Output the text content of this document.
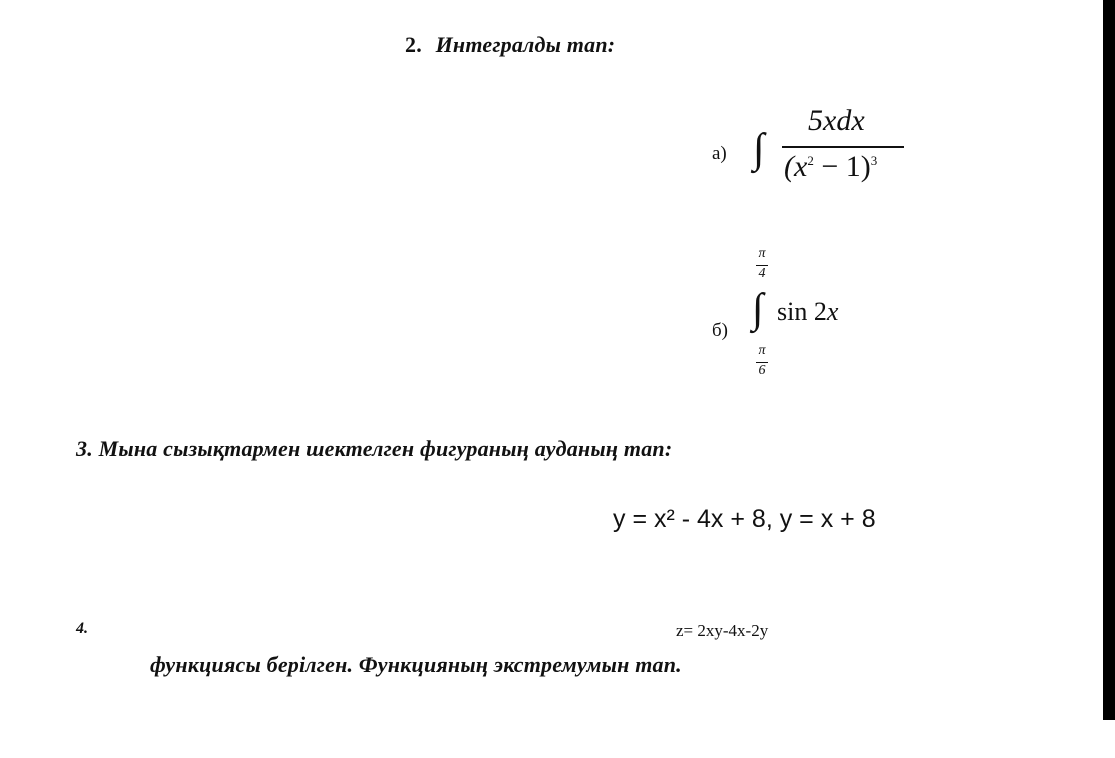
2. Интегралды тап:
а) ∫
5xdx
$(x^2 - 1)^3$
π
4
б) ∫ sin 2x
π
6
3. Мына сызықтармен шектелген фигураның ауданың тап:
y = x² - 4x + 8, y = x + 8
4.	z= 2xy-4x-2y
функциясы берілген. Функцияның экстремумын тап.
